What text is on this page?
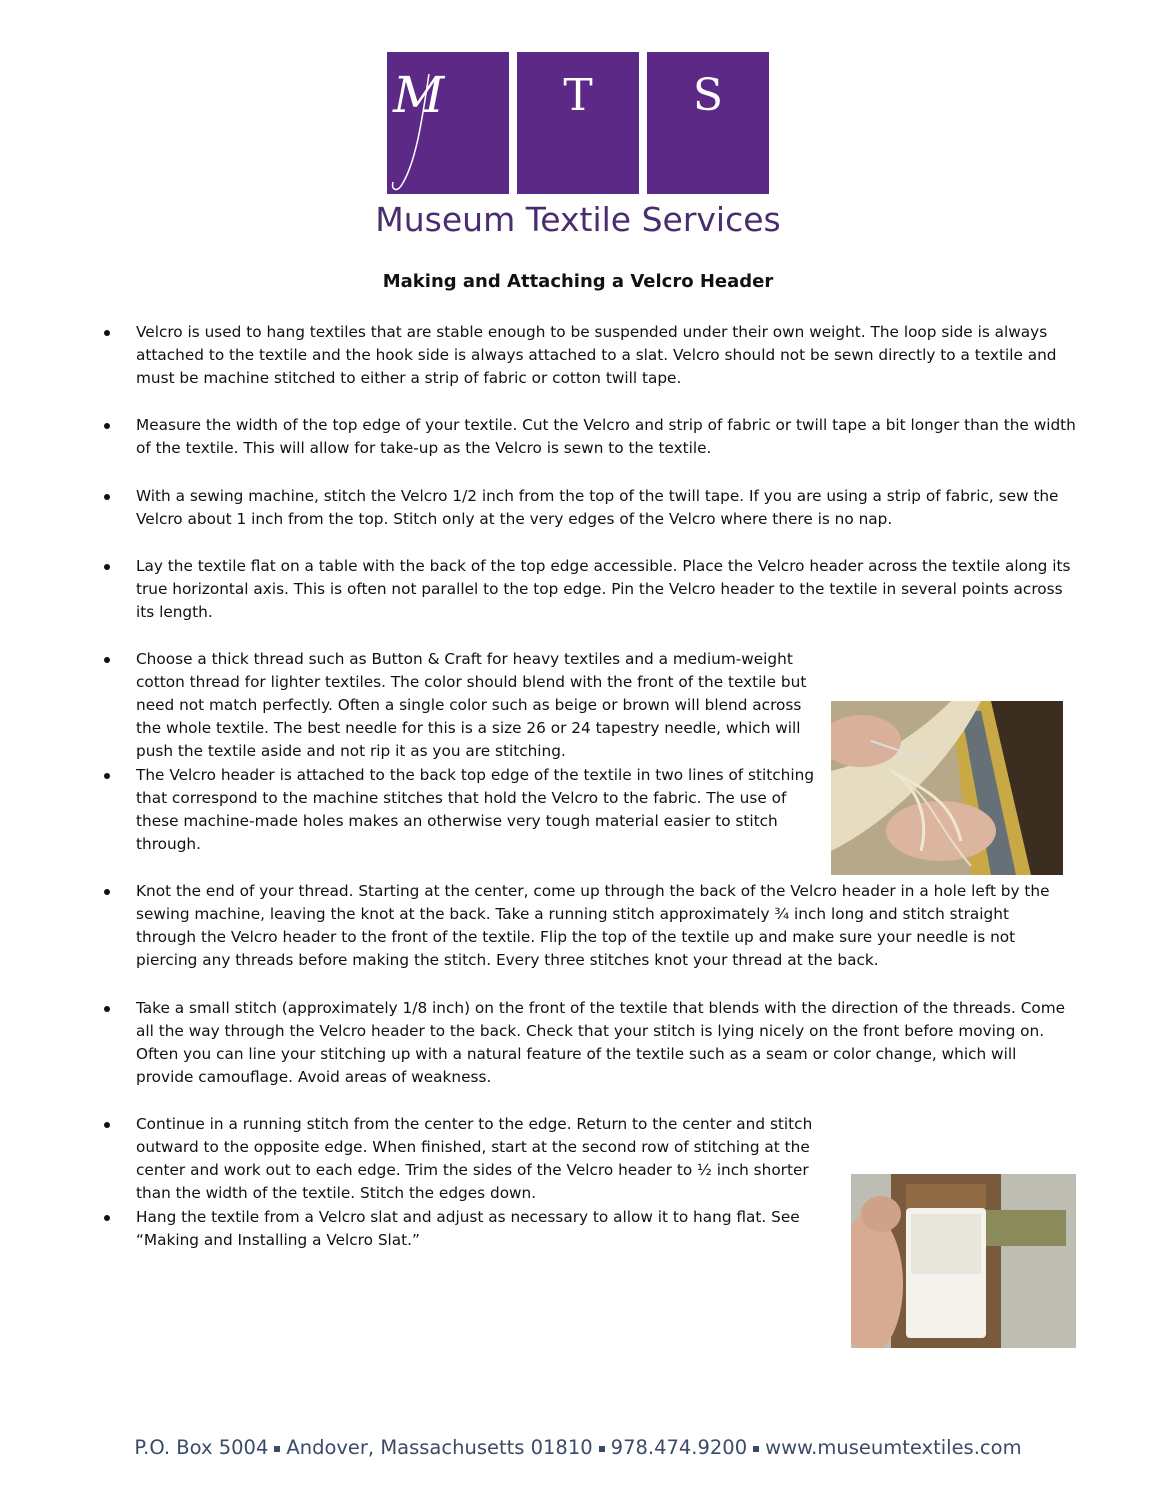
M	T	S
Museum Textile Services
Making and Attaching a Velcro Header
Velcro is used to hang textiles that are stable enough to be suspended under their own weight. The loop side is always attached to the textile and the hook side is always attached to a slat. Velcro should not be sewn directly to a textile and must be machine stitched to either a strip of fabric or cotton twill tape.
Measure the width of the top edge of your textile. Cut the Velcro and strip of fabric or twill tape a bit longer than the width of the textile. This will allow for take-up as the Velcro is sewn to the textile.
With a sewing machine, stitch the Velcro 1/2 inch from the top of the twill tape. If you are using a strip of fabric, sew the Velcro about 1 inch from the top. Stitch only at the very edges of the Velcro where there is no nap.
Lay the textile flat on a table with the back of the top edge accessible. Place the Velcro header across the textile along its true horizontal axis. This is often not parallel to the top edge. Pin the Velcro header to the textile in several points across its length.
Choose a thick thread such as Button & Craft for heavy textiles and a medium-weight cotton thread for lighter textiles. The color should blend with the front of the textile but need not match perfectly. Often a single color such as beige or brown will blend across the whole textile. The best needle for this is a size 26 or 24 tapestry needle, which will push the textile aside and not rip it as you are stitching.
The Velcro header is attached to the back top edge of the textile in two lines of stitching that correspond to the machine stitches that hold the Velcro to the fabric. The use of these machine-made holes makes an otherwise very tough material easier to stitch through.
Knot the end of your thread. Starting at the center, come up through the back of the Velcro header in a hole left by the sewing machine, leaving the knot at the back. Take a running stitch approximately ¾ inch long and stitch straight through the Velcro header to the front of the textile. Flip the top of the textile up and make sure your needle is not piercing any threads before making the stitch. Every three stitches knot your thread at the back.
Take a small stitch (approximately 1/8 inch) on the front of the textile that blends with the direction of the threads. Come all the way through the Velcro header to the back. Check that your stitch is lying nicely on the front before moving on. Often you can line your stitching up with a natural feature of the textile such as a seam or color change, which will provide camouflage. Avoid areas of weakness.
Continue in a running stitch from the center to the edge. Return to the center and stitch outward to the opposite edge. When finished, start at the second row of stitching at the center and work out to each edge. Trim the sides of the Velcro header to ½ inch shorter than the width of the textile. Stitch the edges down.
Hang the textile from a Velcro slat and adjust as necessary to allow it to hang flat. See “Making and Installing a Velcro Slat.”
P.O. Box 5004 Andover, Massachusetts 01810 978.474.9200 www.museumtextiles.com
